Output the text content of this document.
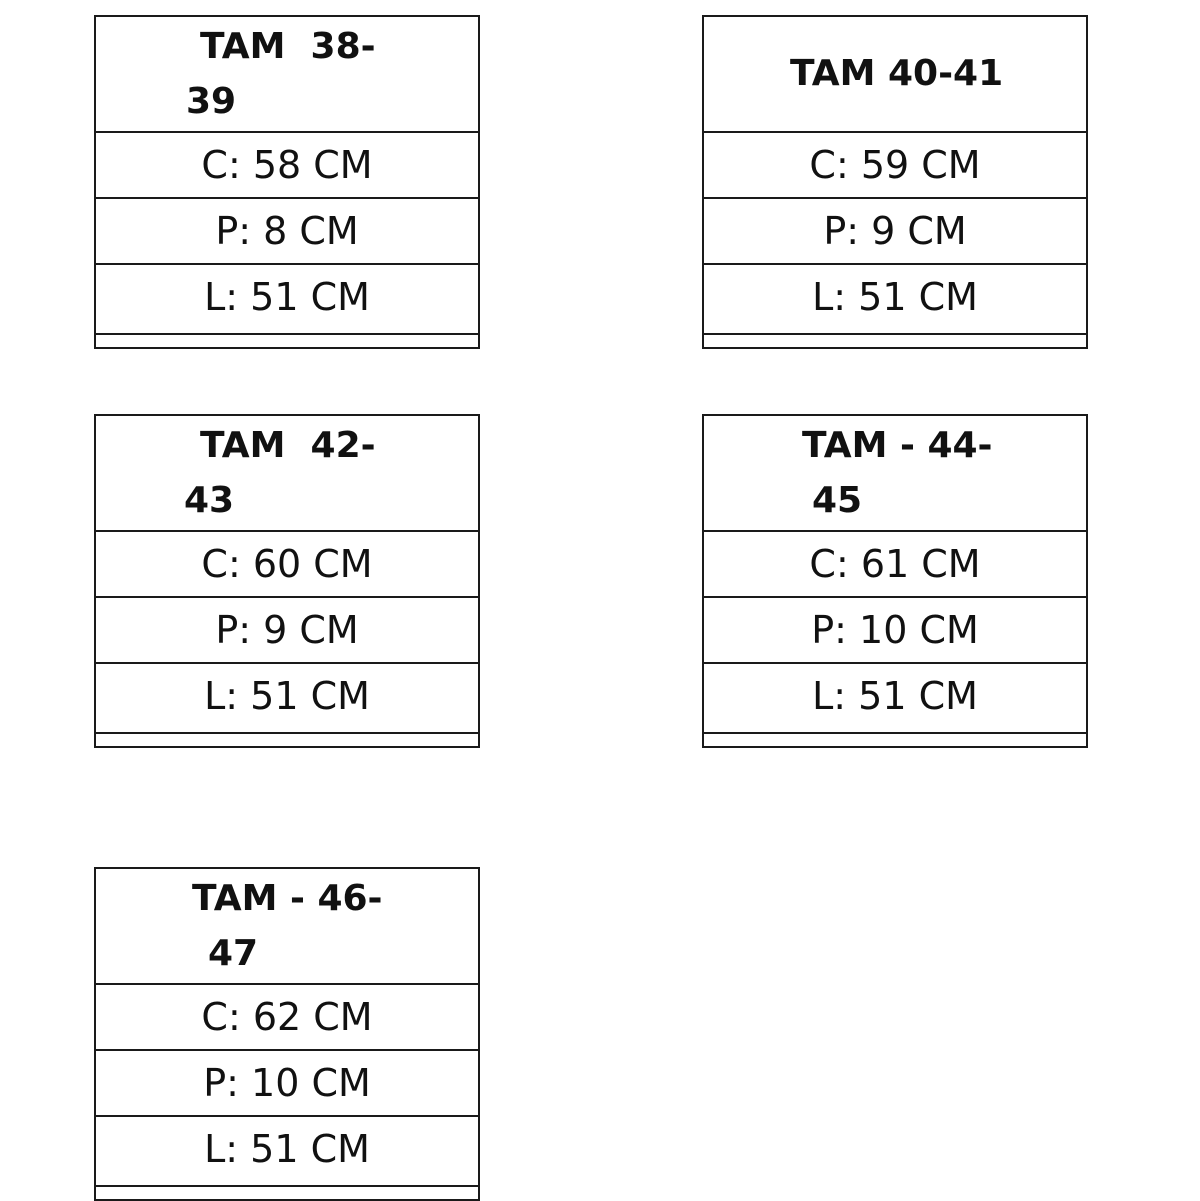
TAM  38-
39
C: 58 CM
P: 8 CM
L: 51 CM
TAM 40-41
C: 59 CM
P: 9 CM
L: 51 CM
TAM  42-
43
C: 60 CM
P: 9 CM
L: 51 CM
TAM - 44-
45
C: 61 CM
P: 10 CM
L: 51 CM
TAM - 46-
47
C: 62 CM
P: 10 CM
L: 51 CM
